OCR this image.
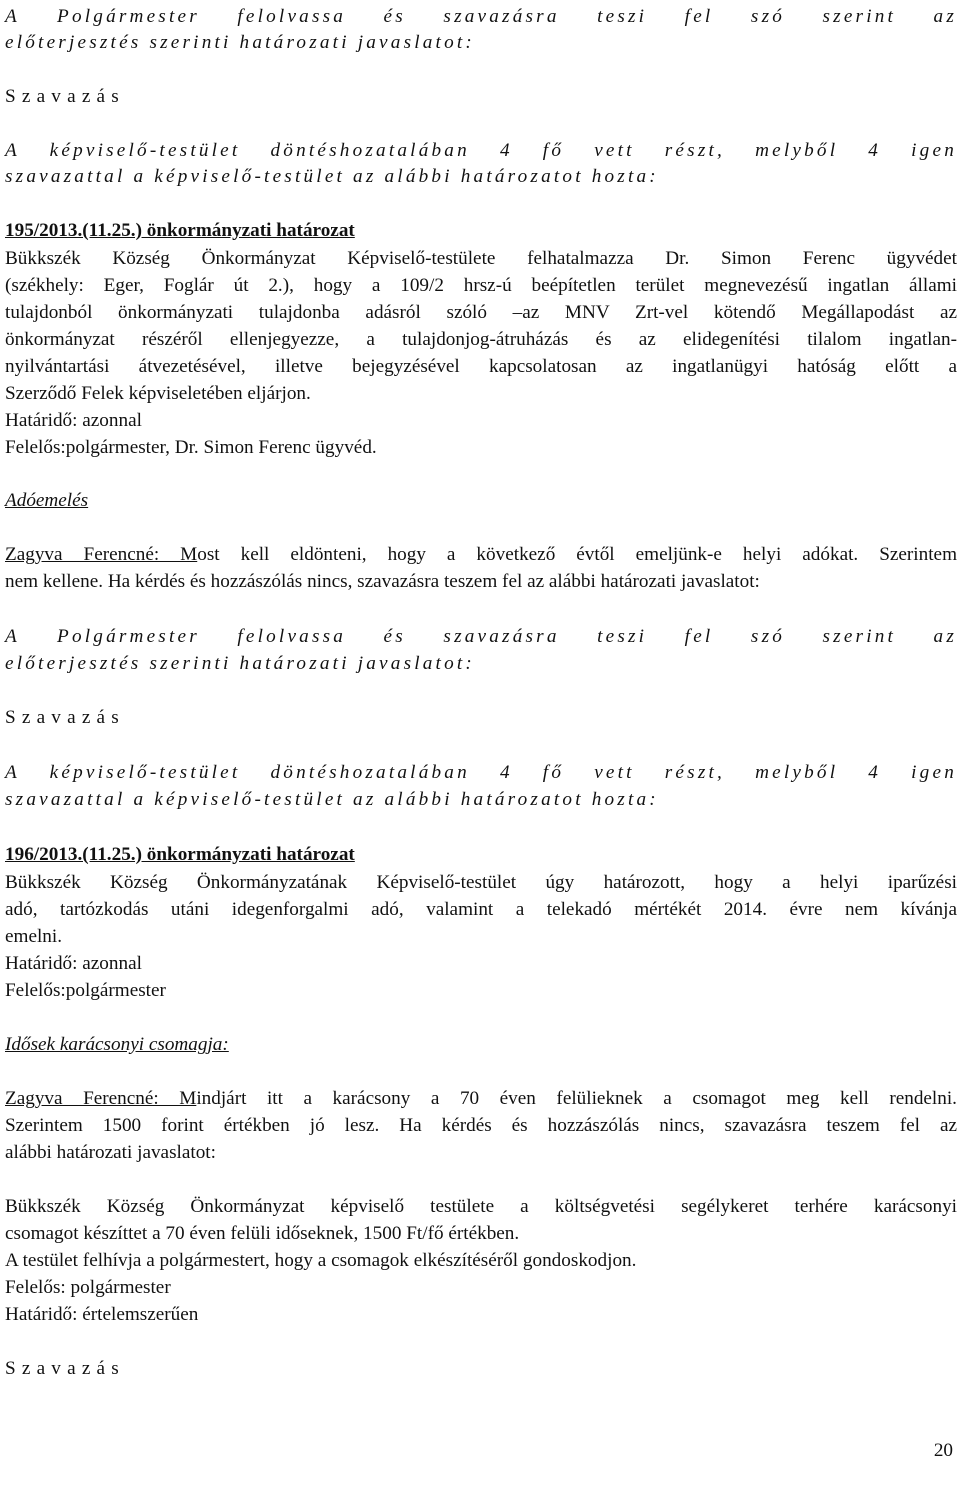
A Polgármester felolvassa és szavazásra teszi fel szó szerint az
előterjesztés szerinti határozati javaslatot:
Szavazás
A képviselő-testület döntéshozatalában 4 fő vett részt, melyből 4 igen
szavazattal a képviselő-testület az alábbi határozatot hozta:
195/2013.(11.25.) önkormányzati határozat
Bükkszék Község Önkormányzat Képviselő-testülete felhatalmazza Dr. Simon Ferenc ügyvédet
(székhely: Eger, Foglár út 2.), hogy a 109/2 hrsz-ú beépítetlen terület megnevezésű ingatlan állami
tulajdonból önkormányzati tulajdonba adásról szóló –az MNV Zrt-vel kötendő Megállapodást az
önkormányzat részéről ellenjegyezze, a tulajdonjog-átruházás és az elidegenítési tilalom ingatlan-
nyilvántartási átvezetésével, illetve bejegyzésével kapcsolatosan az ingatlanügyi hatóság előtt a
Szerződő Felek képviseletében eljárjon.
Határidő: azonnal
Felelős:polgármester, Dr. Simon Ferenc ügyvéd.
Adóemelés
Zagyva Ferencné: Most kell eldönteni, hogy a következő évtől emeljünk-e helyi adókat. Szerintem
nem kellene. Ha kérdés és hozzászólás nincs, szavazásra teszem fel az alábbi határozati javaslatot:
A Polgármester felolvassa és szavazásra teszi fel szó szerint az
előterjesztés szerinti határozati javaslatot:
Szavazás
A képviselő-testület döntéshozatalában 4 fő vett részt, melyből 4 igen
szavazattal a képviselő-testület az alábbi határozatot hozta:
196/2013.(11.25.) önkormányzati határozat
Bükkszék Község Önkormányzatának Képviselő-testület úgy határozott, hogy a helyi iparűzési
adó, tartózkodás utáni idegenforgalmi adó, valamint a telekadó mértékét 2014. évre nem kívánja
emelni.
Határidő: azonnal
Felelős:polgármester
Idősek karácsonyi csomagja:
Zagyva Ferencné: Mindjárt itt a karácsony a 70 éven felülieknek a csomagot meg kell rendelni.
Szerintem 1500 forint értékben jó lesz. Ha kérdés és hozzászólás nincs, szavazásra teszem fel az
alábbi határozati javaslatot:
Bükkszék Község Önkormányzat képviselő testülete a költségvetési segélykeret terhére karácsonyi
csomagot készíttet a 70 éven felüli időseknek, 1500 Ft/fő értékben.
A testület felhívja a polgármestert, hogy a csomagok elkészítéséről gondoskodjon.
Felelős: polgármester
Határidő: értelemszerűen
Szavazás
20
